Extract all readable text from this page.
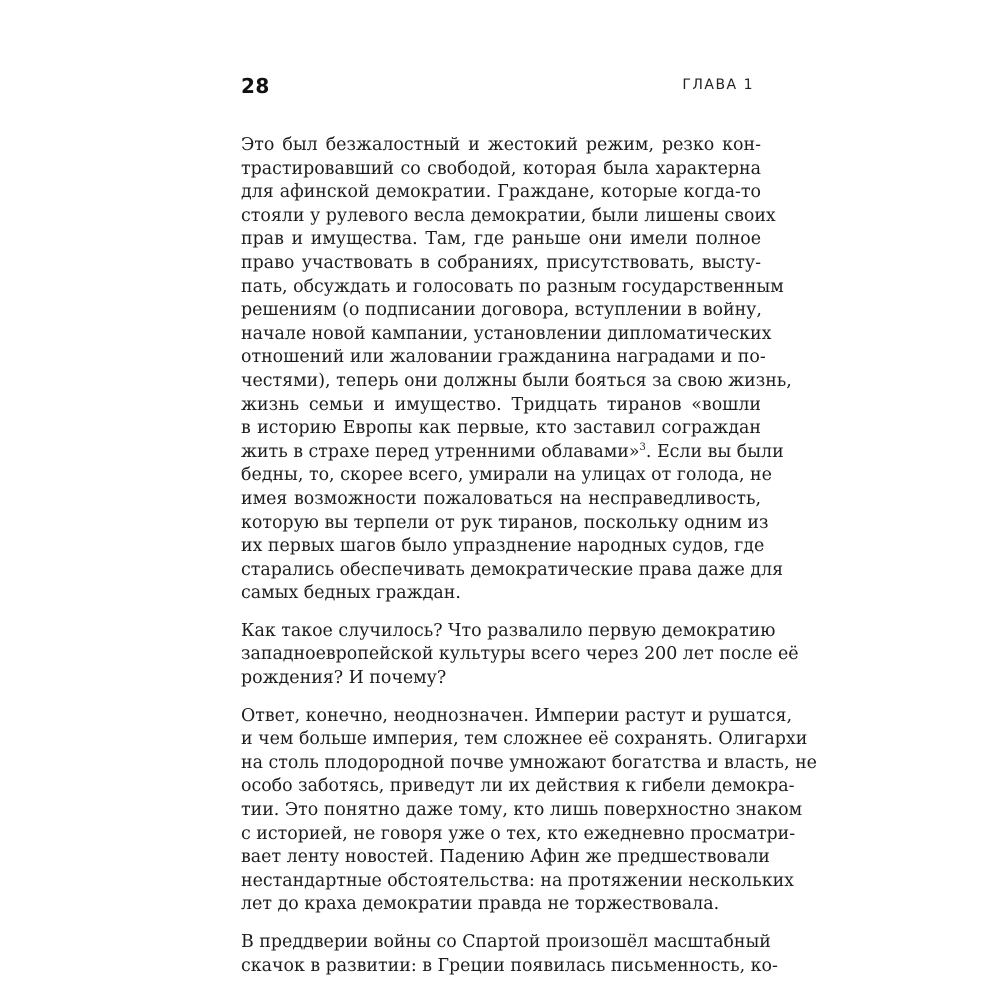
28	ГЛАВА 1

Это был безжалостный и жестокий режим, резко кон-
трастировавший со свободой, которая была характерна
для афинской демократии. Граждане, которые когда-то
стояли у рулевого весла демократии, были лишены своих
прав и имущества. Там, где раньше они имели полное
право участвовать в собраниях, присутствовать, высту-
пать, обсуждать и голосовать по разным государственным
решениям (о подписании договора, вступлении в войну,
начале новой кампании, установлении дипломатических
отношений или жаловании гражданина наградами и по-
честями), теперь они должны были бояться за свою жизнь,
жизнь семьи и имущество. Тридцать тиранов «вошли
в историю Европы как первые, кто заставил сограждан
жить в страхе перед утренними облавами»$^3$. Если вы были
бедны, то, скорее всего, умирали на улицах от голода, не
имея возможности пожаловаться на несправедливость,
которую вы терпели от рук тиранов, поскольку одним из
их первых шагов было упразднение народных судов, где
старались обеспечивать демократические права даже для
самых бедных граждан.

Как такое случилось? Что развалило первую демократию
западноевропейской культуры всего через 200 лет после её
рождения? И почему?

Ответ, конечно, неоднозначен. Империи растут и рушатся,
и чем больше империя, тем сложнее её сохранять. Олигархи
на столь плодородной почве умножают богатства и власть, не
особо заботясь, приведут ли их действия к гибели демокра-
тии. Это понятно даже тому, кто лишь поверхностно знаком
с историей, не говоря уже о тех, кто ежедневно просматри-
вает ленту новостей. Падению Афин же предшествовали
нестандартные обстоятельства: на протяжении нескольких
лет до краха демократии правда не торжествовала.

В преддверии войны со Спартой произошёл масштабный
скачок в развитии: в Греции появилась письменность, ко-
